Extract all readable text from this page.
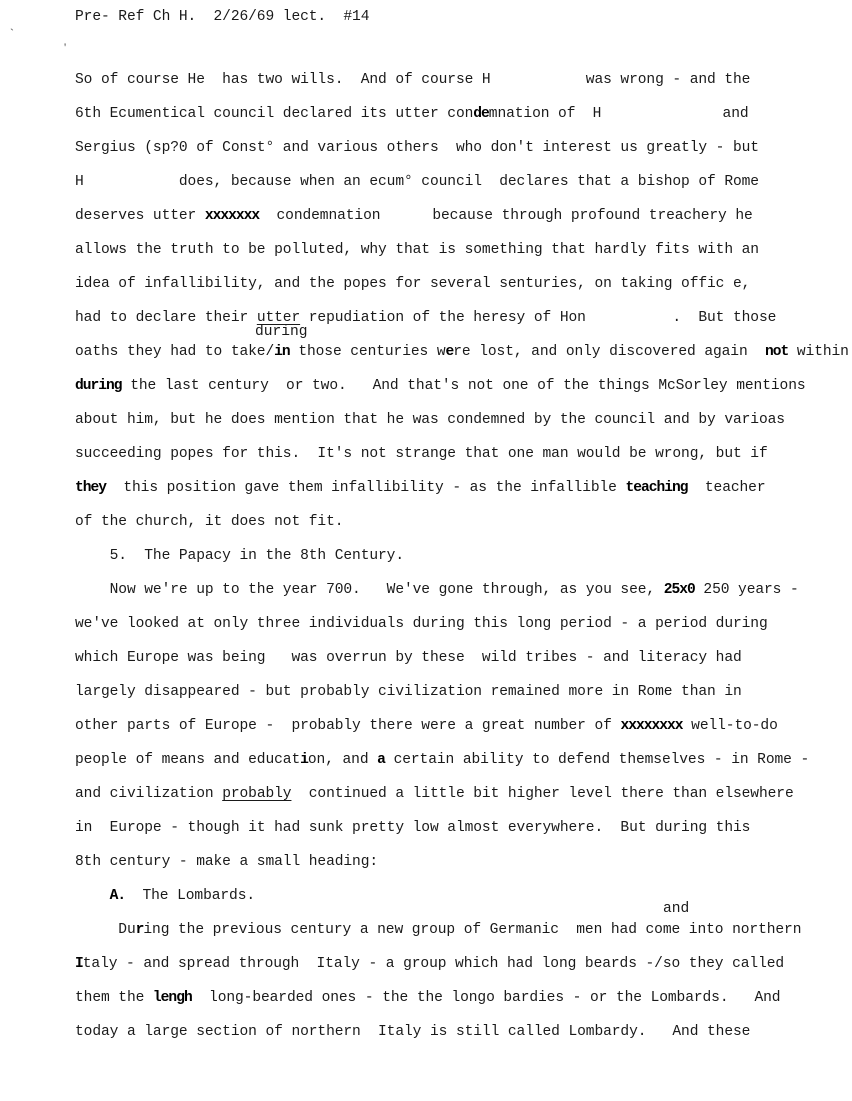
Pre- Ref Ch H.  2/26/69 lect.  #14
`
'
So of course He  has two wills.  And of course H           was wrong - and the
6th Ecumentical council declared its utter condemnation of  H              and
Sergius (sp?0 of Const° and various others  who don't interest us greatly - but
H           does, because when an ecum° council  declares that a bishop of Rome
deserves utter xxxxxxx  condemnation      because through profound treachery he
allows the truth to be polluted, why that is something that hardly fits with an
idea of infallibility, and the popes for several senturies, on taking offic e,
had to declare their utter repudiation of the heresy of Hon          .  But those
oaths they had to take/in those centuries were lost, and only discovered again  not within
during the last century  or two.   And that's not one of the things McSorley mentions
about him, but he does mention that he was condemned by the council and by varioas
succeeding popes for this.  It's not strange that one man would be wrong, but if
they  this position gave them infallibility - as the infallible teaching  teacher
of the church, it does not fit.
5.  The Papacy in the 8th Century.
Now we're up to the year 700.   We've gone through, as you see, 25x0 250 years -
we've looked at only three individuals during this long period - a period during
which Europe was being   was overrun by these  wild tribes - and literacy had
largely disappeared - but probably civilization remained more in Rome than in
other parts of Europe -  probably there were a great number of xxxxxxxx well-to-do
people of means and education, and a certain ability to defend themselves - in Rome -
and civilization probably  continued a little bit higher level there than elsewhere
in  Europe - though it had sunk pretty low almost everywhere.  But during this
8th century - make a small heading:
A.  The Lombards.
During the previous century a new group of Germanic  men had come into northern
Italy - and spread through  Italy - a group which had long beards -/so they called
them the lengh  long-bearded ones - the the longo bardies - or the Lombards.   And
today a large section of northern  Italy is still called Lombardy.   And these
during
and
